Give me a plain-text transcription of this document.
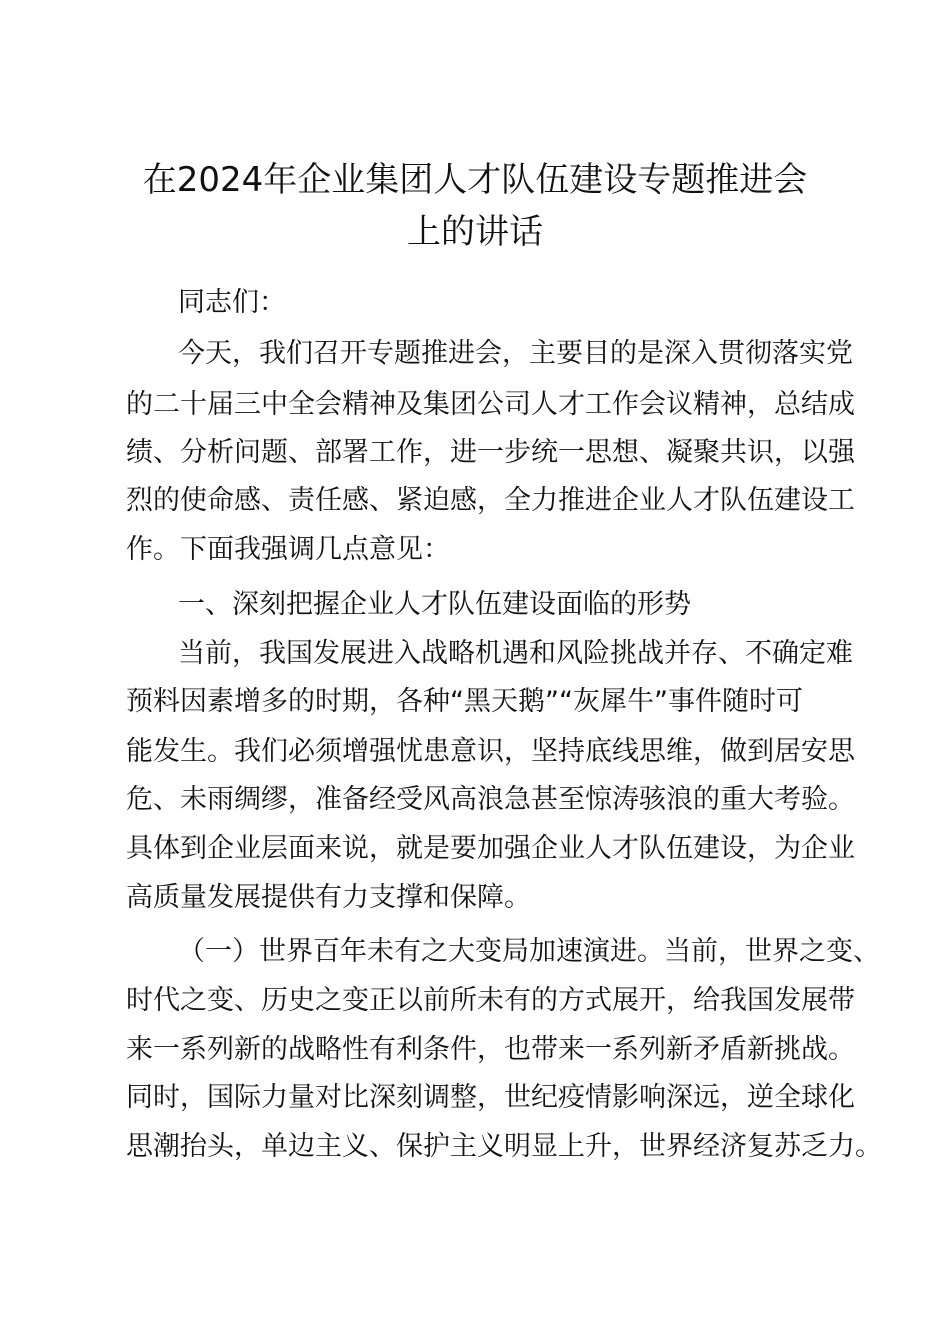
在2024年企业集团人才队伍建设专题推进会
上的讲话
同志们：
今天，我们召开专题推进会，主要目的是深入贯彻落实党
的二十届三中全会精神及集团公司人才工作会议精神，总结成
绩、分析问题、部署工作，进一步统一思想、凝聚共识，以强
烈的使命感、责任感、紧迫感，全力推进企业人才队伍建设工
作。下面我强调几点意见：
一、深刻把握企业人才队伍建设面临的形势
当前，我国发展进入战略机遇和风险挑战并存、不确定难
预料因素增多的时期，各种“黑天鹅”“灰犀牛”事件随时可
能发生。我们必须增强忧患意识，坚持底线思维，做到居安思
危、未雨绸缪，准备经受风高浪急甚至惊涛骇浪的重大考验。
具体到企业层面来说，就是要加强企业人才队伍建设，为企业
高质量发展提供有力支撑和保障。
（一）世界百年未有之大变局加速演进。当前，世界之变、
时代之变、历史之变正以前所未有的方式展开，给我国发展带
来一系列新的战略性有利条件，也带来一系列新矛盾新挑战。
同时，国际力量对比深刻调整，世纪疫情影响深远，逆全球化
思潮抬头，单边主义、保护主义明显上升，世界经济复苏乏力。
